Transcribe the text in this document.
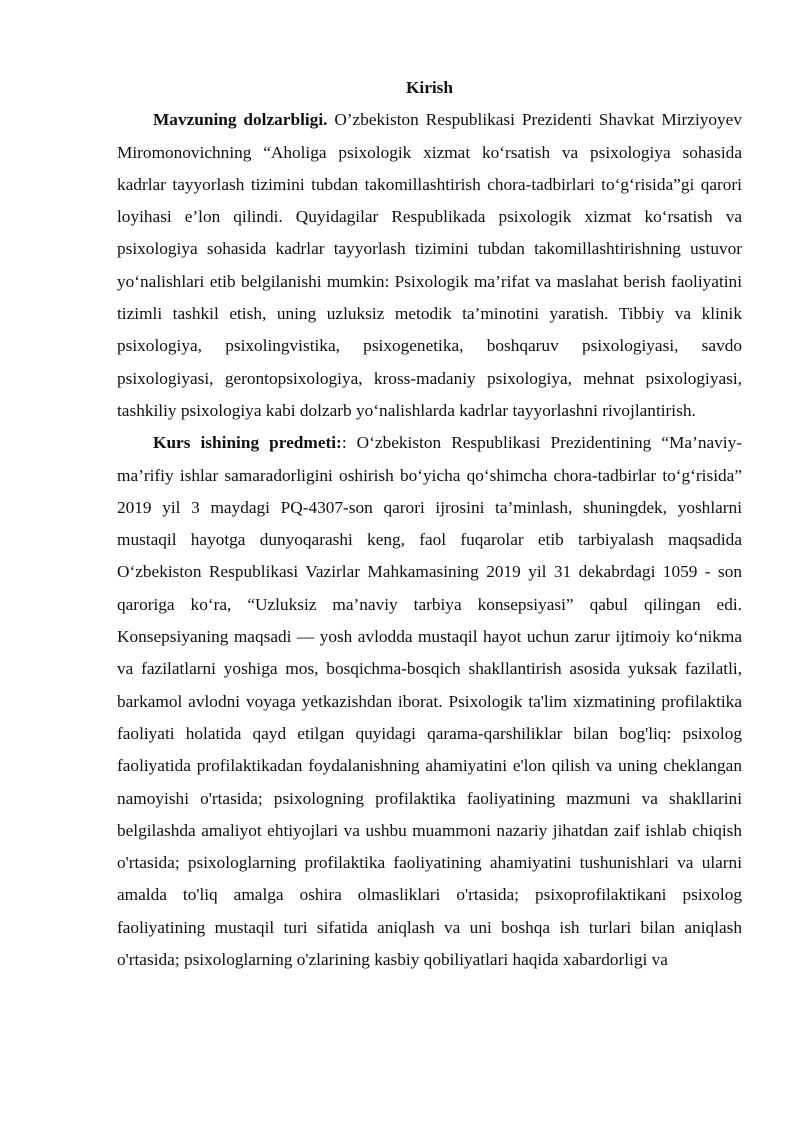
Kirish

Mavzuning dolzarbligi. O’zbekiston Respublikasi Prezidenti Shavkat Mirziyoyev Miromonovichning “Aholiga psixologik xizmat ko‘rsatish va psixologiya sohasida kadrlar tayyorlash tizimini tubdan takomillashtirish chora-tadbirlari to‘g‘risida”gi qarori loyihasi e’lon qilindi. Quyidagilar Respublikada psixologik xizmat ko‘rsatish va psixologiya sohasida kadrlar tayyorlash tizimini tubdan takomillashtirishning ustuvor yo‘nalishlari etib belgilanishi mumkin: Psixologik ma’rifat va maslahat berish faoliyatini tizimli tashkil etish, uning uzluksiz metodik ta’minotini yaratish. Tibbiy va klinik psixologiya, psixolingvistika, psixogenetika, boshqaruv psixologiyasi, savdo psixologiyasi, gerontopsixologiya, kross-madaniy psixologiya, mehnat psixologiyasi, tashkiliy psixologiya kabi dolzarb yo‘nalishlarda kadrlar tayyorlashni rivojlantirish.

Kurs ishining predmeti:: O‘zbekiston Respublikasi Prezidentining “Ma’naviy-ma’rifiy ishlar samaradorligini oshirish bo‘yicha qo‘shimcha chora-tadbirlar to‘g‘risida” 2019 yil 3 maydagi PQ-4307-son qarori ijrosini ta’minlash, shuningdek, yoshlarni mustaqil hayotga dunyoqarashi keng, faol fuqarolar etib tarbiyalash maqsadida O‘zbekiston Respublikasi Vazirlar Mahkamasining 2019 yil 31 dekabrdagi 1059 - son qaroriga ko‘ra, “Uzluksiz ma’naviy tarbiya konsepsiyasi” qabul qilingan edi. Konsepsiyaning maqsadi — yosh avlodda mustaqil hayot uchun zarur ijtimoiy ko‘nikma va fazilatlarni yoshiga mos, bosqichma-bosqich shakllantirish asosida yuksak fazilatli, barkamol avlodni voyaga yetkazishdan iborat. Psixologik ta'lim xizmatining profilaktika faoliyati holatida qayd etilgan quyidagi qarama-qarshiliklar bilan bog'liq: psixolog faoliyatida profilaktikadan foydalanishning ahamiyatini e'lon qilish va uning cheklangan namoyishi o'rtasida; psixologning profilaktika faoliyatining mazmuni va shakllarini belgilashda amaliyot ehtiyojlari va ushbu muammoni nazariy jihatdan zaif ishlab chiqish o'rtasida; psixologlarning profilaktika faoliyatining ahamiyatini tushunishlari va ularni amalda to'liq amalga oshira olmasliklari o'rtasida; psixoprofilaktikani psixolog faoliyatining mustaqil turi sifatida aniqlash va uni boshqa ish turlari bilan aniqlash o'rtasida; psixologlarning o'zlarining kasbiy qobiliyatlari haqida xabardorligi va
